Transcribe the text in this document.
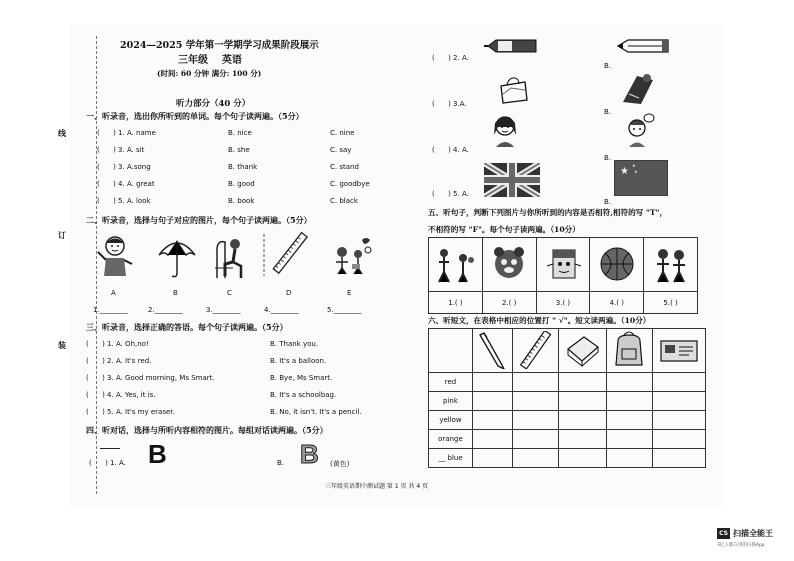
线
订
装
2024—2025 学年第一学期学习成果阶段展示
三年级    英语
(时间: 60 分钟 满分: 100 分)
听力部分（40 分）
一、听录音，选出你所听到的单词。每个句子读两遍。（5分）
(      ) 1. A. name	B. nice	C. nine
(      ) 3. A. sit	B. she	C. say
(      ) 3. A.song	B. thank	C. stand
(      ) 4. A. great	B. good	C. goodbye
(      ) 5. A. look	B. book	C. black
二、听录音，选择与句子对应的图片，每个句子读两遍。（5分）
A	B	C	D	E
1.________	2.________	3.________	4.________	5.________
三、听录音，选择正确的答语。每个句子读两遍。（5分）
(      ) 1. A. Oh,no!	B. Thank you.
(      ) 2. A. It's red.	B. It's a balloon.
(      ) 3. A. Good morning, Ms Smart.	B. Bye, Ms Smart.
(      ) 4. A. Yes, it is.	B. It's a schoolbag.
(      ) 5. A. It's my eraser.	B. No, it isn't. It's a pencil.
四、听对话，选择与所听内容相符的图片。每组对话读两遍。（5分）
(      ) 1. A. B	B. B (黄色)
(      ) 2. A.
B.
(      ) 3.A.
B.
(      ) 4. A.
B.
(      ) 5. A.
B.
★
★
★
五、听句子，判断下列图片与你所听到的内容是否相符,相符的写 "T"，
不相符的写 "F"。每个句子读两遍。（10分）

1.( )	2.( )	3.( )	4.( )	5.( )
六、听短文，在表格中相应的位置打 " √"。短文读两遍。（10分）

red					
pink					
yellow					
orange					
__ blue					
三年级英语期中测试题 第 1 页 共 4 页
CS 扫描全能王
3亿人都在用的扫描App
